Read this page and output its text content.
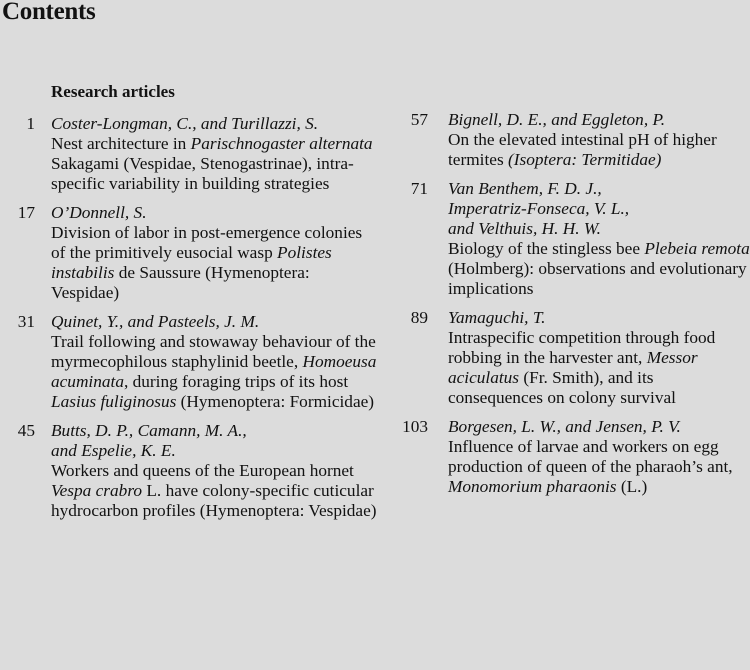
Contents
Research articles
1 Coster-Longman, C., and Turillazzi, S.
Nest architecture in Parischnogaster alternata Sakagami (Vespidae, Stenogastrinae), intra-specific variability in building strategies
17 O’Donnell, S.
Division of labor in post-emergence colonies of the primitively eusocial wasp Polistes instabilis de Saussure (Hymenoptera: Vespidae)
31 Quinet, Y., and Pasteels, J. M.
Trail following and stowaway behaviour of the myrmecophilous staphylinid beetle, Homoeusa acuminata, during foraging trips of its host Lasius fuliginosus (Hymenoptera: Formicidae)
45 Butts, D. P., Camann, M. A.,
and Espelie, K. E.
Workers and queens of the European hornet Vespa crabro L. have colony-specific cuticular hydrocarbon profiles (Hymenoptera: Vespidae)
57 Bignell, D. E., and Eggleton, P.
On the elevated intestinal pH of higher termites (Isoptera: Termitidae)
71 Van Benthem, F. D. J.,
Imperatriz-Fonseca, V. L.,
and Velthuis, H. H. W.
Biology of the stingless bee Plebeia remota (Holmberg): observations and evolutionary implications
89 Yamaguchi, T.
Intraspecific competition through food robbing in the harvester ant, Messor aciculatus (Fr. Smith), and its consequences on colony survival
103 Borgesen, L. W., and Jensen, P. V.
Influence of larvae and workers on egg production of queen of the pharaoh’s ant, Monomorium pharaonis (L.)
